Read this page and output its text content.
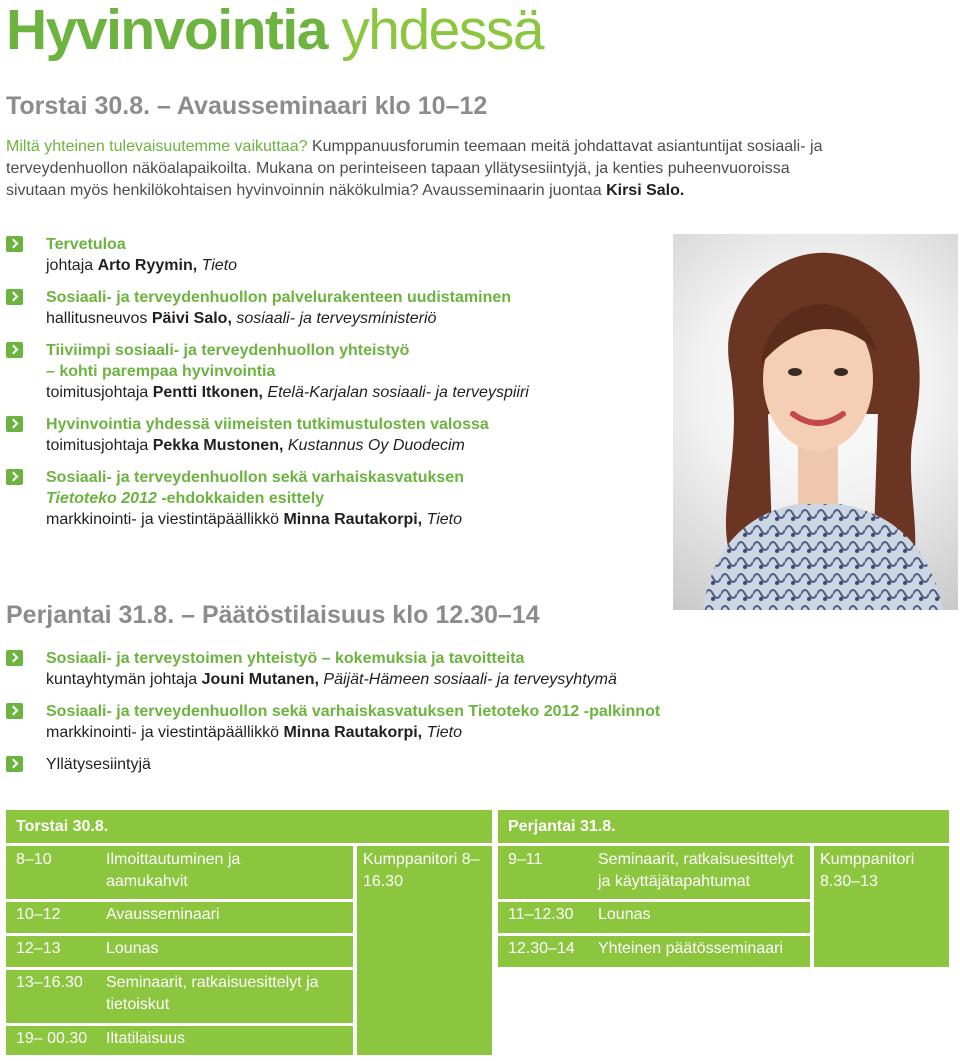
Hyvinvointia yhdessä
Torstai 30.8. – Avausseminaari klo 10–12
Miltä yhteinen tulevaisuutemme vaikuttaa? Kumppanuusforumin teemaan meitä johdattavat asiantuntijat sosiaali- ja terveydenhuollon näköalapaikoilta. Mukana on perinteiseen tapaan yllätysesiintyjä, ja kenties puheenvuoroissa sivutaan myös henkilökohtaisen hyvinvoinnin näkökulmia? Avausseminaarin juontaa Kirsi Salo.
Tervetuloa
johtaja Arto Ryymin, Tieto
Sosiaali- ja terveydenhuollon palvelurakenteen uudistaminen
hallitusneuvos Päivi Salo, sosiaali- ja terveysministeriö
Tiiviimpi sosiaali- ja terveydenhuollon yhteistyö
– kohti parempaa hyvinvointia
toimitusjohtaja Pentti Itkonen, Etelä-Karjalan sosiaali- ja terveyspiiri
Hyvinvointia yhdessä viimeisten tutkimustulosten valossa
toimitusjohtaja Pekka Mustonen, Kustannus Oy Duodecim
Sosiaali- ja terveydenhuollon sekä varhaiskasvatuksen
Tietoteko 2012 -ehdokkaiden esittely
markkinointi- ja viestintäpäällikkö Minna Rautakorpi, Tieto
Perjantai 31.8. – Päätöstilaisuus klo 12.30–14
Sosiaali- ja terveystoimen yhteistyö – kokemuksia ja tavoitteita
kuntayhtymän johtaja Jouni Mutanen, Päijät-Hämeen sosiaali- ja terveysyhtymä
Sosiaali- ja terveydenhuollon sekä varhaiskasvatuksen Tietoteko 2012 -palkinnot
markkinointi- ja viestintäpäällikkö Minna Rautakorpi, Tieto
Yllätysesiintyjä
Torstai 30.8.
8–10	Ilmoittautuminen ja aamukahvit
10–12	Avausseminaari
12–13	Lounas
13–16.30 Seminaarit, ratkaisuesittelyt ja tietoiskut
19– 00.30 Iltatilaisuus
Kumppanitori 8–16.30
Perjantai 31.8.
9–11	Seminaarit, ratkaisuesittelyt ja käyttäjätapahtumat
11–12.30 Lounas
12.30–14 Yhteinen päätösseminaari
Kumppanitori 8.30–13
